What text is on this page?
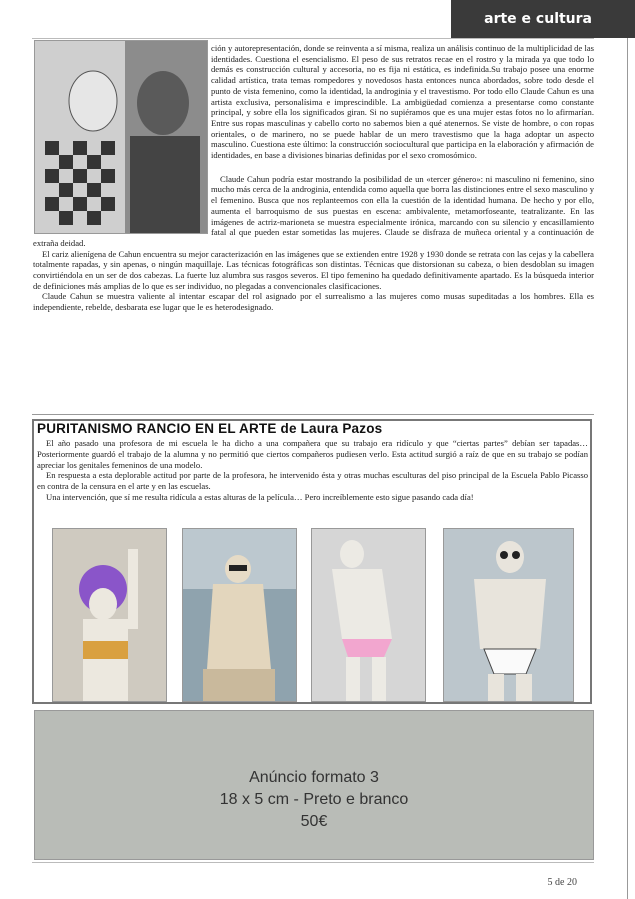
arte e cultura

ción y autorepresentación, donde se reinventa a sí misma, realiza un análisis continuo de la multiplicidad de las identidades. Cuestiona el esencialismo. El peso de sus retratos recae en el rostro y la mirada ya que todo lo demás es construcción cultural y accesoria, no es fija ni estática, es indefinida.Su trabajo posee una enorme calidad artística, trata temas rompedores y novedosos hasta entonces nunca abordados, sobre todo desde el punto de vista femenino, como la identidad, la androginia y el travestismo. Por todo ello Claude Cahun es una artista exclusiva, personalísima e imprescindible. La ambigüedad comienza a presentarse como constante principal, y sobre ella los significados giran. Si no supiéramos que es una mujer estas fotos no lo afirmarían. Entre sus ropas masculinas y cabello corto no sabemos bien a qué atenernos. Se viste de hombre, o con ropas orientales, o de marinero, no se puede hablar de un mero travestismo que la haga adoptar un aspecto masculino. Cuestiona este último: la construcción sociocultural que participa en la elaboración y afirmación de identidades, en base a divisiones binarias definidas por el sexo cromosómico.

Claude Cahun podría estar mostrando la posibilidad de un «tercer género»: ni masculino ni femenino, sino mucho más cerca de la androginia, entendida como aquella que borra las distinciones entre el sexo masculino y el femenino. Busca que nos replanteemos con ella la cuestión de la identidad humana. De hecho y por ello, aumenta el barroquismo de sus puestas en escena: ambivalente, metamorfoseante, teatralizante. En las imágenes de actriz-marioneta se muestra especialmente irónica, marcando con su silencio y encasillamiento fatal al que pueden estar sometidas las mujeres. Claude se disfraza de muñeca oriental y a continuación de extraña deidad.

El cariz alienígena de Cahun encuentra su mejor caracterización en las imágenes que se extienden entre 1928 y 1930 donde se retrata con las cejas y la cabellera totalmente rapadas, y sin apenas, o ningún maquillaje. Las técnicas fotográficas son distintas. Técnicas que distorsionan su cabeza, o bien desdoblan su imagen convirtiéndola en un ser de dos cabezas. La fuerte luz alumbra sus rasgos severos. El tipo femenino ha quedado definitivamente apartado. Es la búsqueda interior de definiciones más amplias de lo que es ser individuo, no plegadas a convencionales clasificaciones.

Claude Cahun se muestra valiente al intentar escapar del rol asignado por el surrealismo a las mujeres como musas supeditadas a los hombres. Ella es independiente, rebelde, desbarata ese lugar que le es heterodesignado.

PURITANISMO RANCIO EN EL ARTE de Laura Pazos

El año pasado una profesora de mi escuela le ha dicho a una compañera que su trabajo era ridículo y que “ciertas partes” debían ser tapadas… Posteriormente guardó el trabajo de la alumna y no permitió que ciertos compañeros pudiesen verlo. Esta actitud surgió a raíz de que en su trabajo se podían apreciar los genitales femeninos de una modelo.

En respuesta a esta deplorable actitud por parte de la profesora, he intervenido ésta y otras muchas esculturas del piso principal de la Escuela Pablo Picasso en contra de la censura en el arte y en las escuelas.

Una intervención, que sí me resulta ridícula a estas alturas de la película… Pero increíblemente esto sigue pasando cada día!

Anúncio formato 3
18 x 5 cm - Preto e branco
50€
5 de 20
